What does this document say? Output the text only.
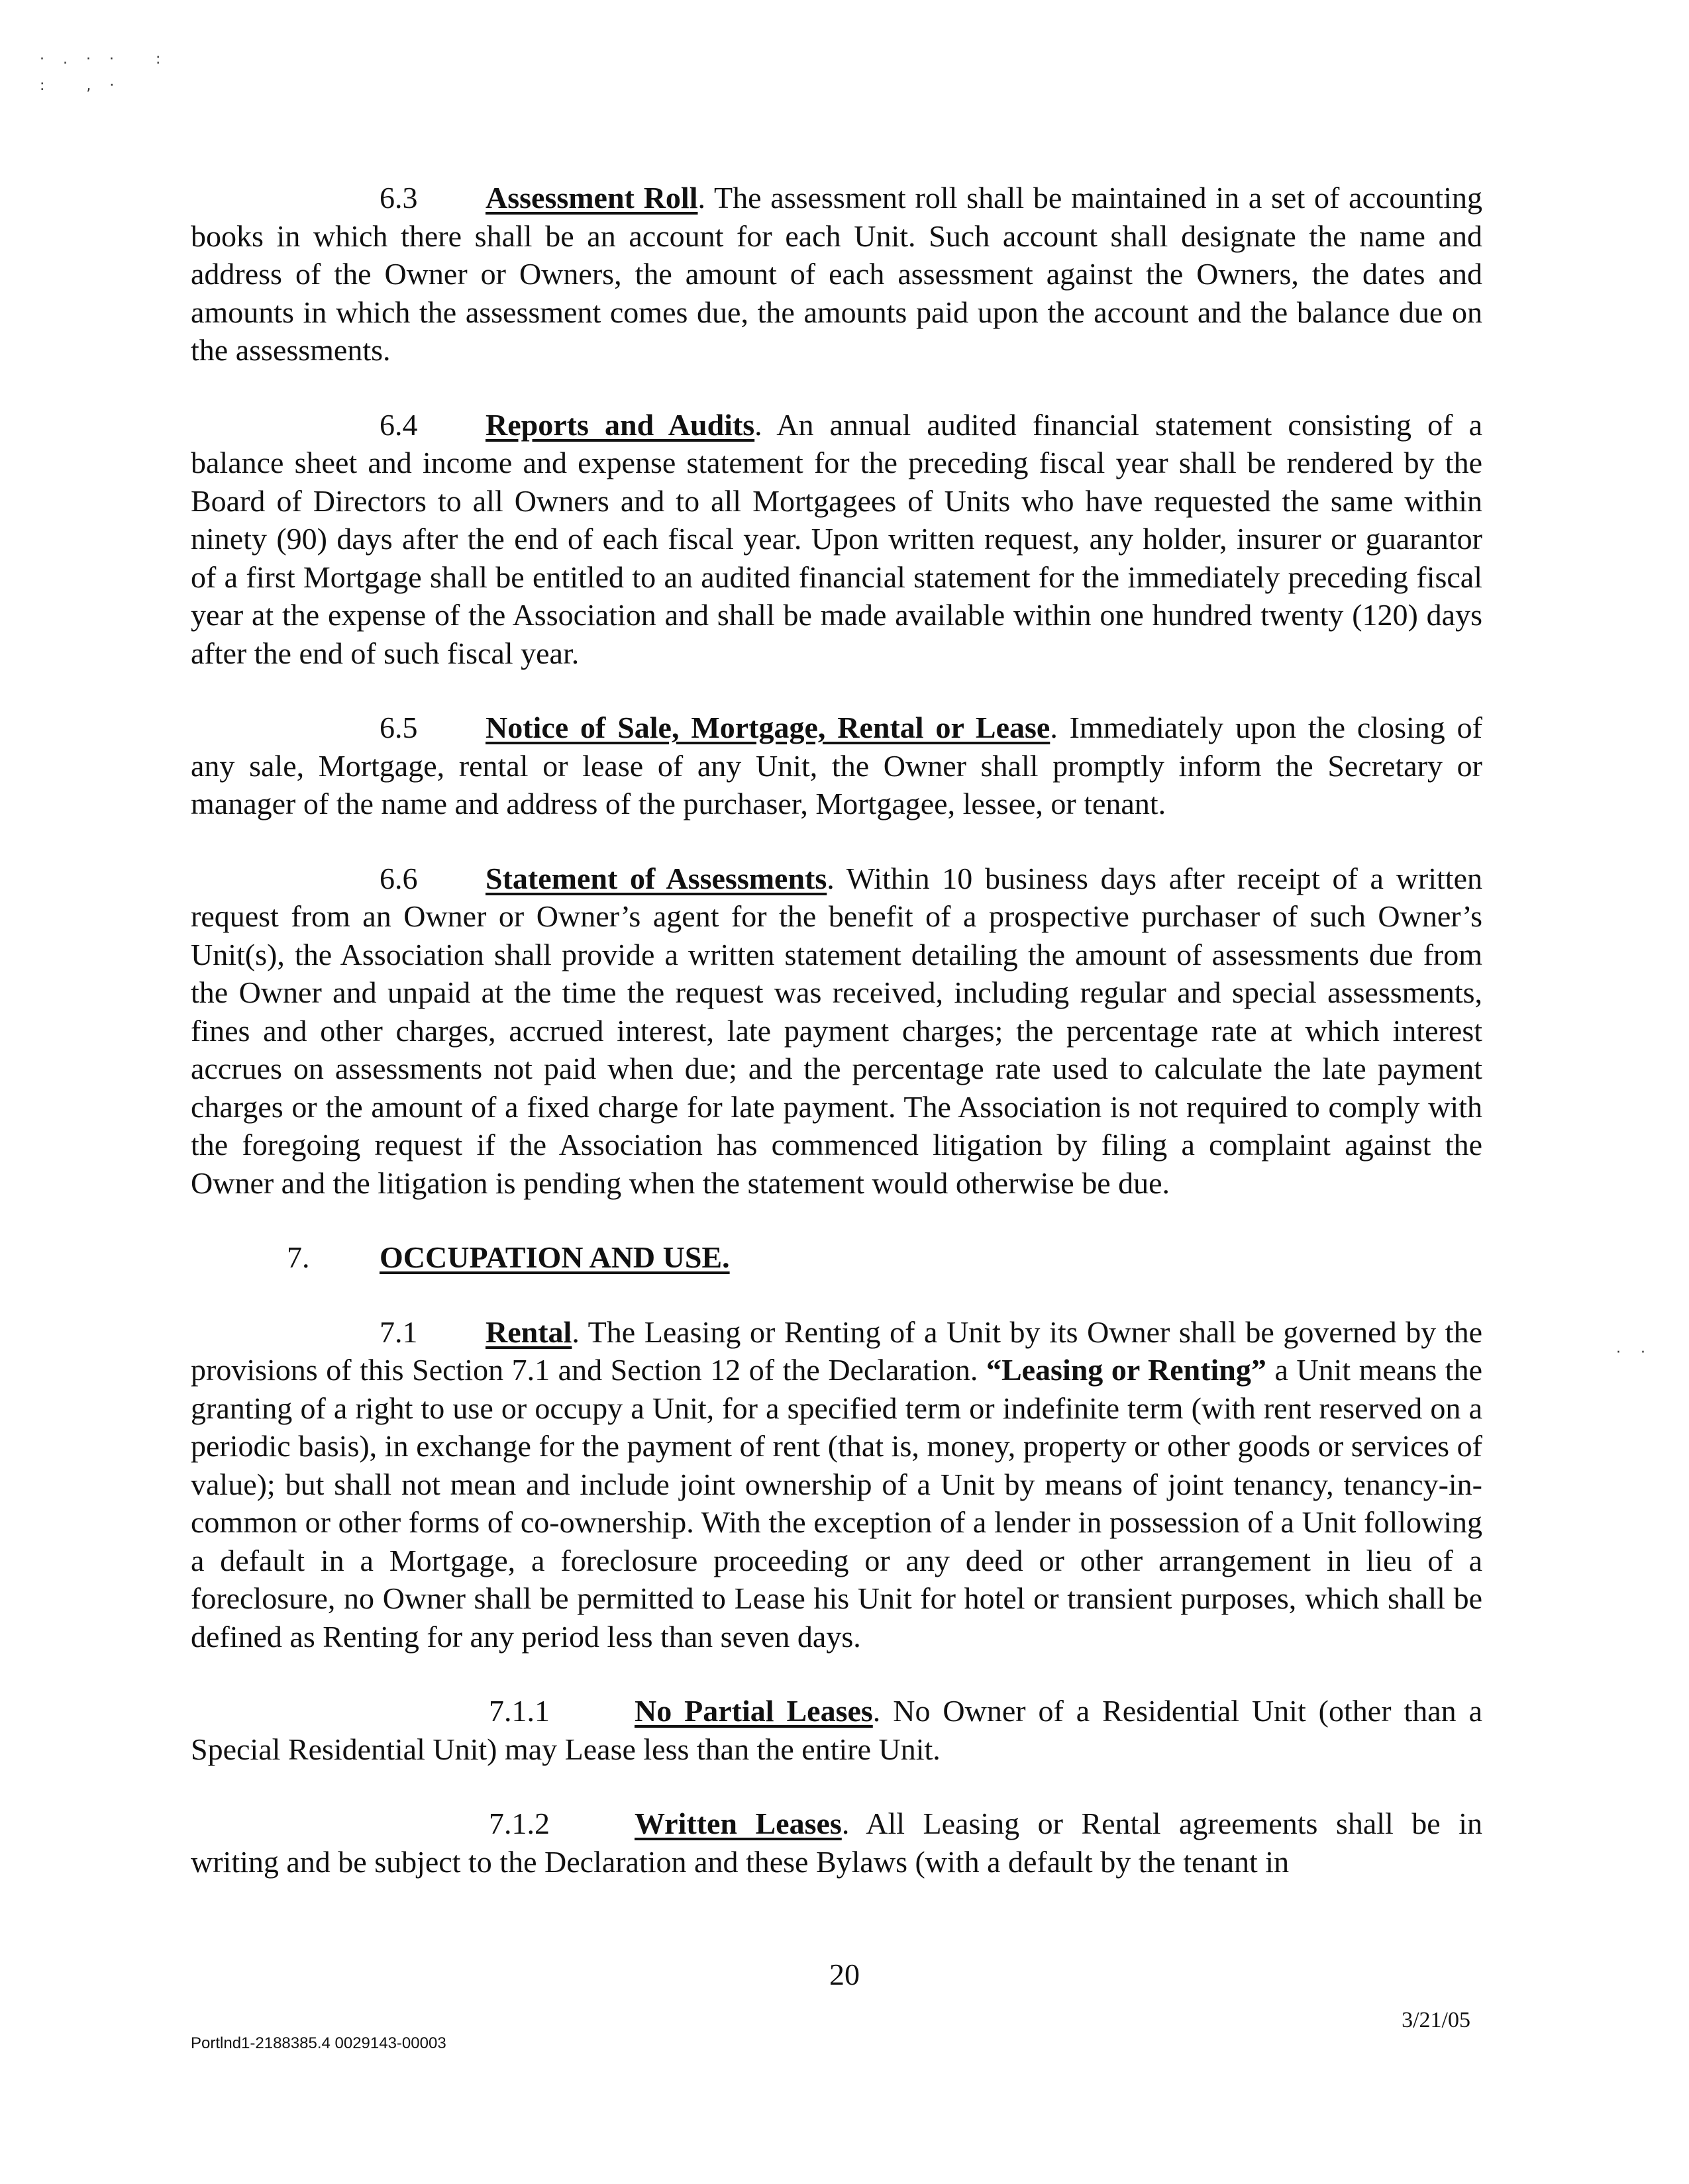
·.·· :
: ,·
··

6.3 Assessment Roll. The assessment roll shall be maintained in a set of accounting books in which there shall be an account for each Unit. Such account shall designate the name and address of the Owner or Owners, the amount of each assessment against the Owners, the dates and amounts in which the assessment comes due, the amounts paid upon the account and the balance due on the assessments.

6.4 Reports and Audits. An annual audited financial statement consisting of a balance sheet and income and expense statement for the preceding fiscal year shall be rendered by the Board of Directors to all Owners and to all Mortgagees of Units who have requested the same within ninety (90) days after the end of each fiscal year. Upon written request, any holder, insurer or guarantor of a first Mortgage shall be entitled to an audited financial statement for the immediately preceding fiscal year at the expense of the Association and shall be made available within one hundred twenty (120) days after the end of such fiscal year.

6.5 Notice of Sale, Mortgage, Rental or Lease. Immediately upon the closing of any sale, Mortgage, rental or lease of any Unit, the Owner shall promptly inform the Secretary or manager of the name and address of the purchaser, Mortgagee, lessee, or tenant.

6.6 Statement of Assessments. Within 10 business days after receipt of a written request from an Owner or Owner’s agent for the benefit of a prospective purchaser of such Owner’s Unit(s), the Association shall provide a written statement detailing the amount of assessments due from the Owner and unpaid at the time the request was received, including regular and special assessments, fines and other charges, accrued interest, late payment charges; the percentage rate at which interest accrues on assessments not paid when due; and the percentage rate used to calculate the late payment charges or the amount of a fixed charge for late payment. The Association is not required to comply with the foregoing request if the Association has commenced litigation by filing a complaint against the Owner and the litigation is pending when the statement would otherwise be due.

7. OCCUPATION AND USE.

7.1 Rental. The Leasing or Renting of a Unit by its Owner shall be governed by the provisions of this Section 7.1 and Section 12 of the Declaration. “Leasing or Renting” a Unit means the granting of a right to use or occupy a Unit, for a specified term or indefinite term (with rent reserved on a periodic basis), in exchange for the payment of rent (that is, money, property or other goods or services of value); but shall not mean and include joint ownership of a Unit by means of joint tenancy, tenancy-in-common or other forms of co-ownership. With the exception of a lender in possession of a Unit following a default in a Mortgage, a foreclosure proceeding or any deed or other arrangement in lieu of a foreclosure, no Owner shall be permitted to Lease his Unit for hotel or transient purposes, which shall be defined as Renting for any period less than seven days.

7.1.1	No Partial Leases. No Owner of a Residential Unit (other than a Special Residential Unit) may Lease less than the entire Unit.

7.1.2	Written Leases. All Leasing or Rental agreements shall be in writing and be subject to the Declaration and these Bylaws (with a default by the tenant in

20
3/21/05
Portlnd1-2188385.4 0029143-00003
